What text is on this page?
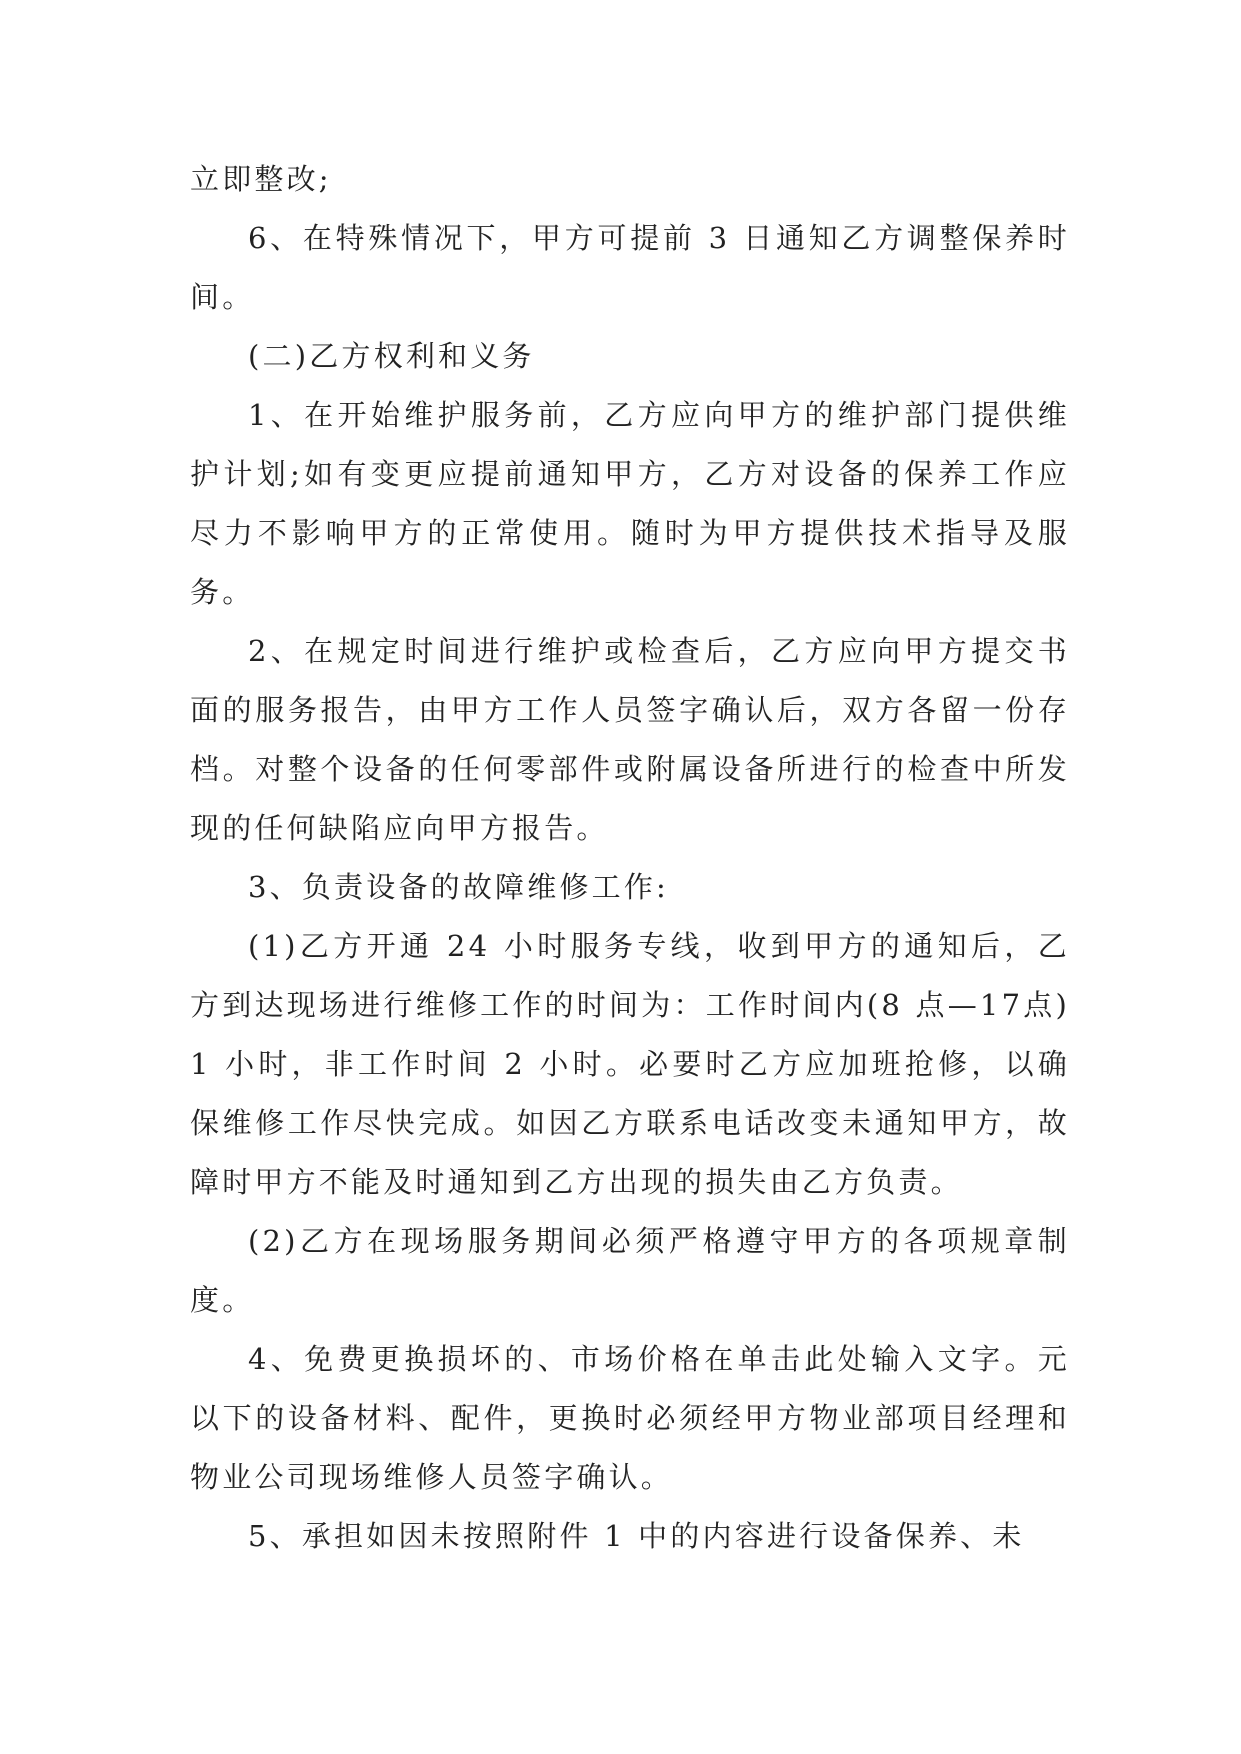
立即整改;

6、在特殊情况下，甲方可提前 3 日通知乙方调整保养时间。

(二)乙方权利和义务

1、在开始维护服务前，乙方应向甲方的维护部门提供维护计划;如有变更应提前通知甲方，乙方对设备的保养工作应尽力不影响甲方的正常使用。随时为甲方提供技术指导及服务。

2、在规定时间进行维护或检查后，乙方应向甲方提交书面的服务报告，由甲方工作人员签字确认后，双方各留一份存档。对整个设备的任何零部件或附属设备所进行的检查中所发现的任何缺陷应向甲方报告。

3、负责设备的故障维修工作:

(1)乙方开通 24 小时服务专线，收到甲方的通知后，乙方到达现场进行维修工作的时间为：工作时间内(8 点—17点)1 小时，非工作时间 2 小时。必要时乙方应加班抢修，以确保维修工作尽快完成。如因乙方联系电话改变未通知甲方，故障时甲方不能及时通知到乙方出现的损失由乙方负责。

(2)乙方在现场服务期间必须严格遵守甲方的各项规章制度。

4、免费更换损坏的、市场价格在单击此处输入文字。元以下的设备材料、配件，更换时必须经甲方物业部项目经理和物业公司现场维修人员签字确认。

5、承担如因未按照附件 1 中的内容进行设备保养、未
